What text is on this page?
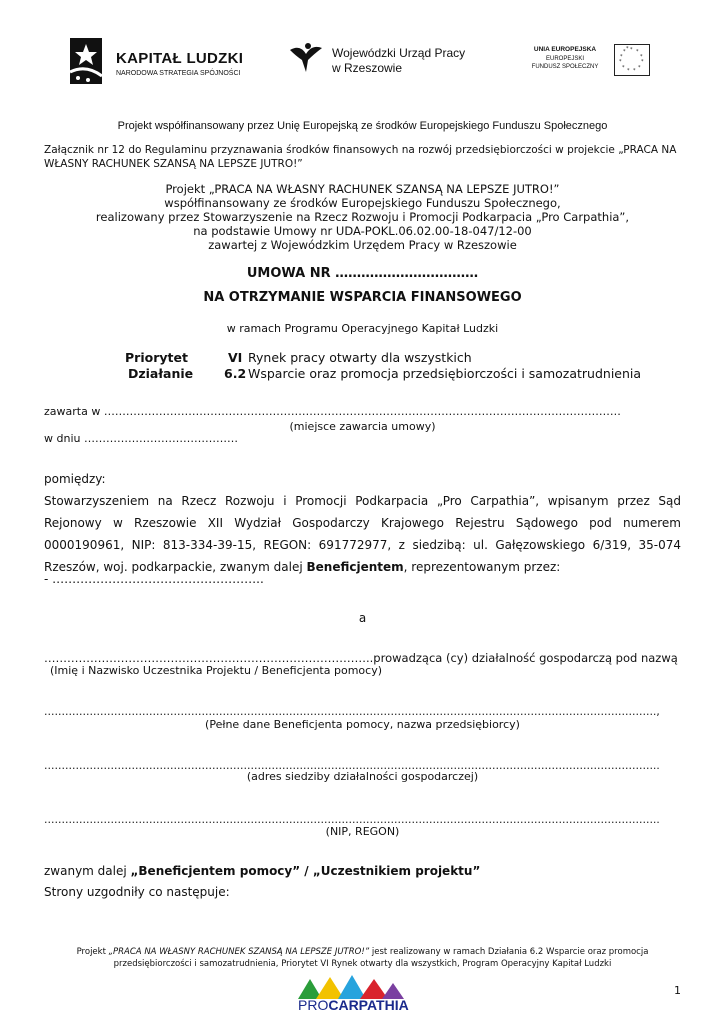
KAPITAŁ LUDZKI
NARODOWA STRATEGIA SPÓJNOŚCI
Wojewódzki Urząd Pracy
w Rzeszowie
UNIA EUROPEJSKA
EUROPEJSKI
FUNDUSZ SPOŁECZNY
* *
*
*
*
*
*
*
*
*
* *
Projekt współfinansowany przez Unię Europejską ze środków Europejskiego Funduszu Społecznego
Załącznik nr 12 do Regulaminu przyznawania środków finansowych na rozwój przedsiębiorczości w projekcie „PRACA NA WŁASNY RACHUNEK SZANSĄ NA LEPSZE JUTRO!”
Projekt „PRACA NA WŁASNY RACHUNEK SZANSĄ NA LEPSZE JUTRO!”
współfinansowany ze środków Europejskiego Funduszu Społecznego,
realizowany przez Stowarzyszenie na Rzecz Rozwoju i Promocji Podkarpacia „Pro Carpathia”,
na podstawie Umowy nr UDA-POKL.06.02.00-18-047/12-00
zawartej z Wojewódzkim Urzędem Pracy w Rzeszowie
UMOWA NR ……………………………
NA OTRZYMANIE WSPARCIA FINANSOWEGO
w ramach Programu Operacyjnego Kapitał Ludzki
Priorytet	VI Rynek pracy otwarty dla wszystkich
Działanie 6.2 Wsparcie oraz promocja przedsiębiorczości i samozatrudnienia
zawarta w ……………………………………………………………………………………………………………………………
(miejsce zawarcia umowy)
w dniu ……………………………………
pomiędzy:
Stowarzyszeniem na Rzecz Rozwoju i Promocji Podkarpacia „Pro Carpathia”, wpisanym przez Sąd Rejonowy w Rzeszowie XII Wydział Gospodarczy Krajowego Rejestru Sądowego pod numerem 0000190961, NIP: 813-334-39-15, REGON: 691772977, z siedzibą: ul. Gałęzowskiego 6/319, 35-074 Rzeszów, woj. podkarpackie, zwanym dalej Beneficjentem, reprezentowanym przez:
- ……………………………………………..
a
…………………………………………………………………………..prowadząca (cy) działalność gospodarczą pod nazwą
(Imię i Nazwisko Uczestnika Projektu / Beneficjenta pomocy)
………………………………………………………………………………………………………………………………………………………….,
(Pełne dane Beneficjenta pomocy, nazwa przedsiębiorcy)
…………………………………………………………………………………………………………………………………………………………..
(adres siedziby działalności gospodarczej)
…………………………………………………………………………………………………………………………………………………………..
(NIP, REGON)
zwanym dalej „Beneficjentem pomocy” / „Uczestnikiem projektu”
Strony uzgodniły co następuje:
Projekt „PRACA NA WŁASNY RACHUNEK SZANSĄ NA LEPSZE JUTRO!” jest realizowany w ramach Działania 6.2 Wsparcie oraz promocja
przedsiębiorczości i samozatrudnienia, Priorytet VI Rynek otwarty dla wszystkich, Program Operacyjny Kapitał Ludzki
PROCARPATHIA
1
